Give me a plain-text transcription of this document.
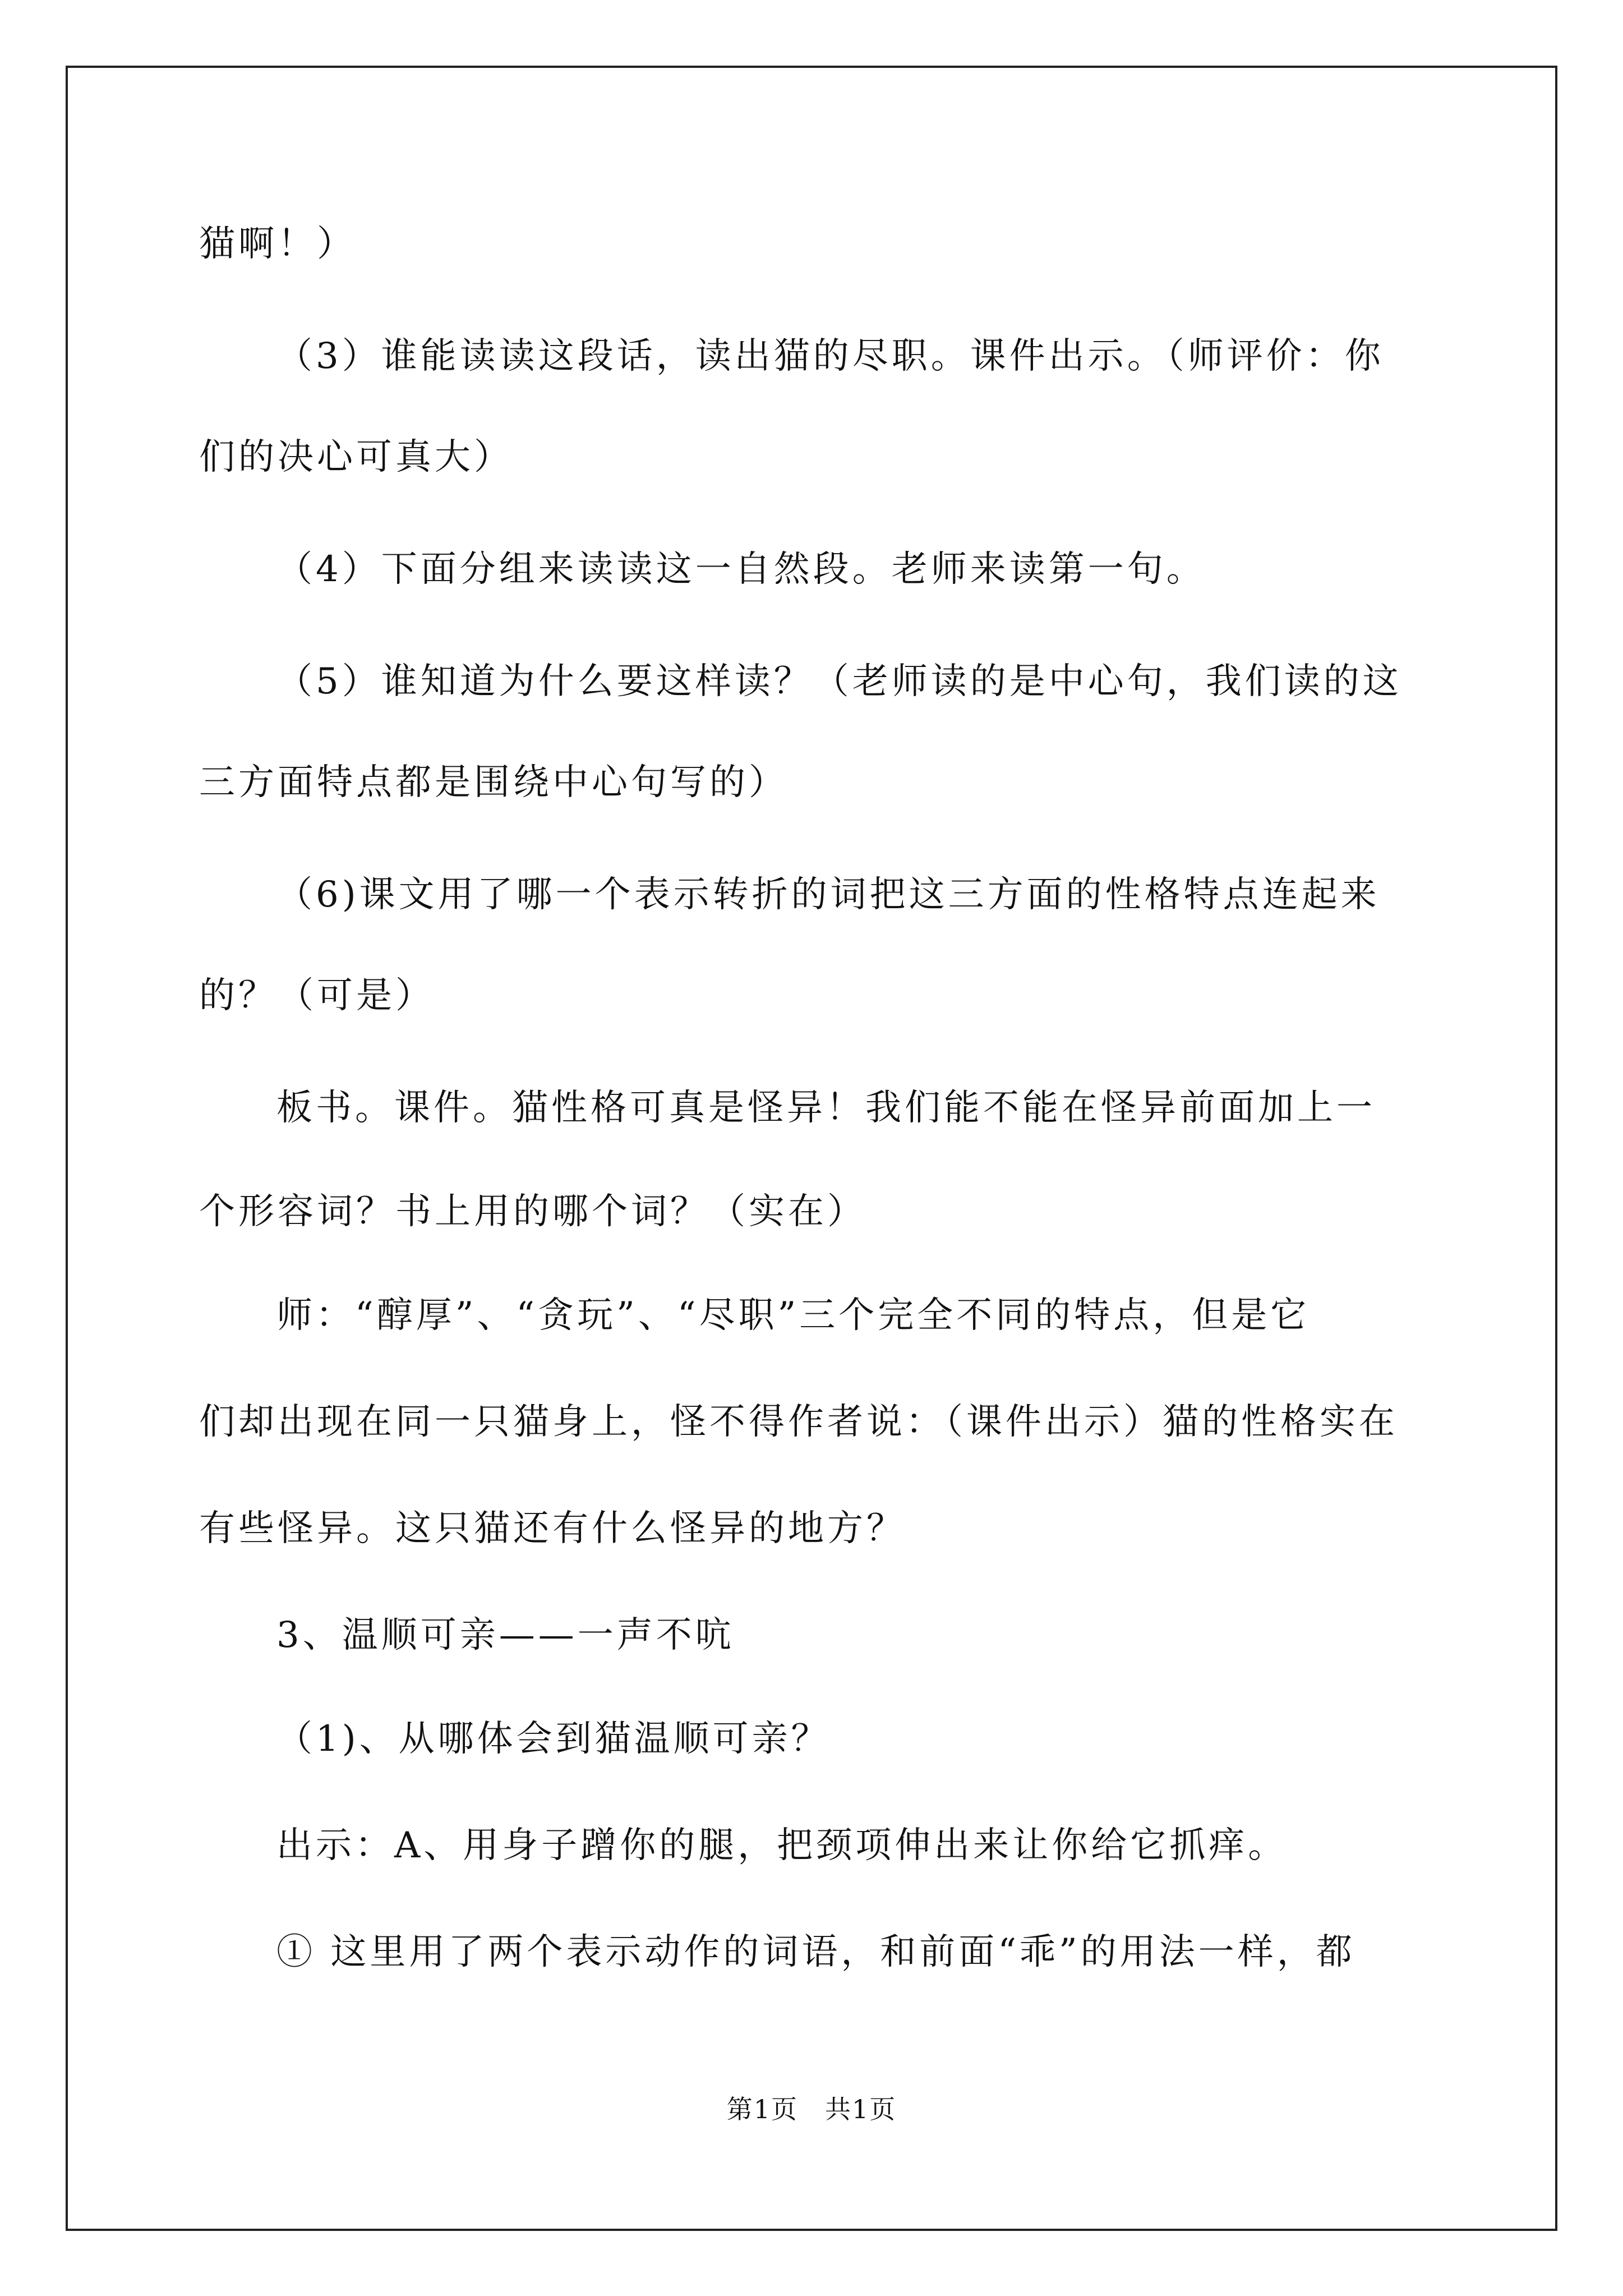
猫啊！）
（3）谁能读读这段话，读出猫的尽职。课件出示。（师评价：你
们的决心可真大）
（4）下面分组来读读这一自然段。老师来读第一句。
（5）谁知道为什么要这样读？（老师读的是中心句，我们读的这
三方面特点都是围绕中心句写的）
（6)课文用了哪一个表示转折的词把这三方面的性格特点连起来
的？（可是）
板书。课件。猫性格可真是怪异！我们能不能在怪异前面加上一
个形容词？书上用的哪个词？（实在）
师：“醇厚”、“贪玩”、“尽职”三个完全不同的特点，但是它
们却出现在同一只猫身上，怪不得作者说：（课件出示）猫的性格实在
有些怪异。这只猫还有什么怪异的地方？
3、温顺可亲——一声不吭
（1)、从哪体会到猫温顺可亲？
出示：A、用身子蹭你的腿，把颈项伸出来让你给它抓痒。
① 这里用了两个表示动作的词语，和前面“乖”的用法一样，都
第1页　共1页
